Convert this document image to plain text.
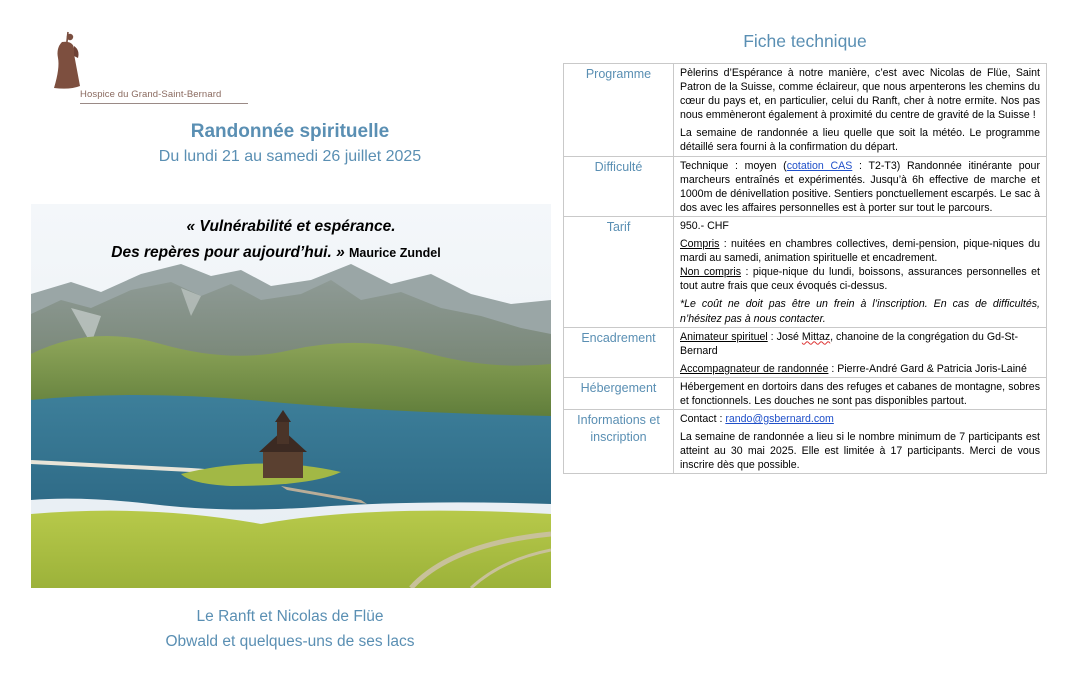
Hospice du Grand-Saint-Bernard
Randonnée spirituelle
Du lundi 21 au samedi 26 juillet 2025
« Vulnérabilité et espérance.
Des repères pour aujourd’hui. » Maurice Zundel
Le Ranft et Nicolas de Flüe
Obwald et quelques-uns de ses lacs
Fiche technique
Programme	Pèlerins d’Espérance à notre manière, c’est avec Nicolas de Flüe, Saint Patron de la Suisse, comme éclaireur, que nous arpenterons les chemins du cœur du pays et, en particulier, celui du Ranft, cher à notre ermite. Nos pas nous emmèneront également à proximité du centre de gravité de la Suisse !

La semaine de randonnée a lieu quelle que soit la météo. Le programme détaillé sera fourni à la confirmation du départ.

Difficulté	Technique : moyen (cotation CAS : T2-T3) Randonnée itinérante pour marcheurs entraînés et expérimentés. Jusqu’à 6h effective de marche et 1000m de dénivellation positive. Sentiers ponctuellement escarpés. Le sac à dos avec les affaires personnelles est à porter sur tout le parcours.

Tarif	950.- CHF

Compris : nuitées en chambres collectives, demi-pension, pique-niques du mardi au samedi, animation spirituelle et encadrement.
Non compris : pique-nique du lundi, boissons, assurances personnelles et tout autre frais que ceux évoqués ci-dessus.

*Le coût ne doit pas être un frein à l’inscription. En cas de difficultés, n’hésitez pas à nous contacter.

Encadrement	Animateur spirituel : José Mittaz, chanoine de la congrégation du Gd-St-Bernard

Accompagnateur de randonnée : Pierre-André Gard & Patricia Joris-Lainé

Hébergement	Hébergement en dortoirs dans des refuges et cabanes de montagne, sobres et fonctionnels. Les douches ne sont pas disponibles partout.

Informations et inscription	Contact : rando@gsbernard.com

La semaine de randonnée a lieu si le nombre minimum de 7 participants est atteint au 30 mai 2025. Elle est limitée à 17 participants. Merci de vous inscrire dès que possible.
